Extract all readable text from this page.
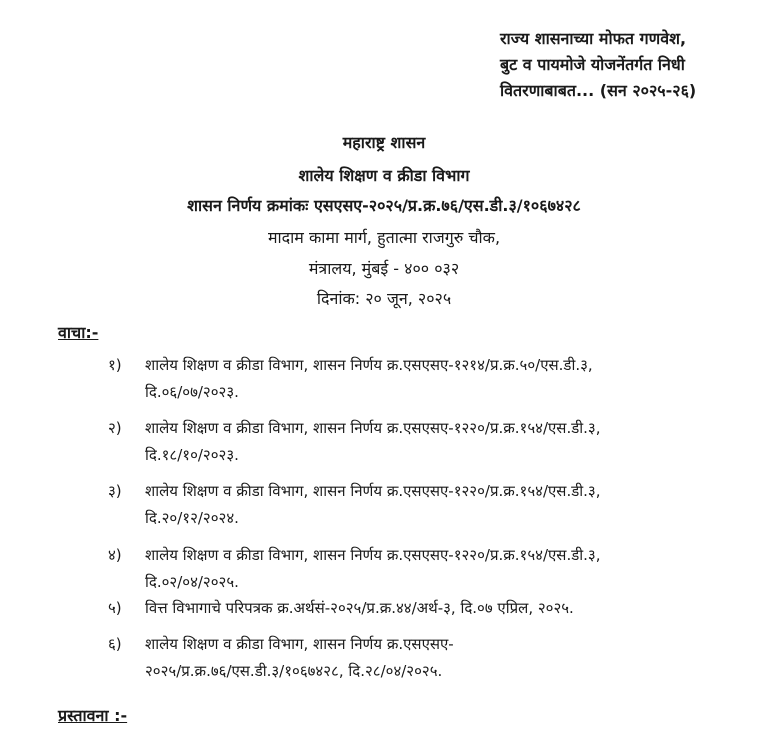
राज्य शासनाच्या मोफत गणवेश,
बुट व पायमोजे योजनेंतर्गत निधी
वितरणाबाबत... (सन २०२५-२६)
महाराष्ट्र शासन
शालेय शिक्षण व क्रीडा विभाग
शासन निर्णय क्रमांकः एसएसए-२०२५/प्र.क्र.७६/एस.डी.३/१०६७४२८
मादाम कामा मार्ग, हुतात्मा राजगुरु चौक,
मंत्रालय, मुंबई - ४०० ०३२
दिनांक: २० जून, २०२५
वाचा:-
१) शालेय शिक्षण व क्रीडा विभाग, शासन निर्णय क्र.एसएसए-१२१४/प्र.क्र.५०/एस.डी.३,
दि.०६/०७/२०२३.
२) शालेय शिक्षण व क्रीडा विभाग, शासन निर्णय क्र.एसएसए-१२२०/प्र.क्र.१५४/एस.डी.३,
दि.१८/१०/२०२३.
३) शालेय शिक्षण व क्रीडा विभाग, शासन निर्णय क्र.एसएसए-१२२०/प्र.क्र.१५४/एस.डी.३,
दि.२०/१२/२०२४.
४) शालेय शिक्षण व क्रीडा विभाग, शासन निर्णय क्र.एसएसए-१२२०/प्र.क्र.१५४/एस.डी.३,
दि.०२/०४/२०२५.
५) वित्त विभागाचे परिपत्रक क्र.अर्थसं-२०२५/प्र.क्र.४४/अर्थ-३, दि.०७ एप्रिल, २०२५.
६) शालेय शिक्षण व क्रीडा विभाग, शासन निर्णय क्र.एसएसए-
२०२५/प्र.क्र.७६/एस.डी.३/१०६७४२८, दि.२८/०४/२०२५.
प्रस्तावना :-
